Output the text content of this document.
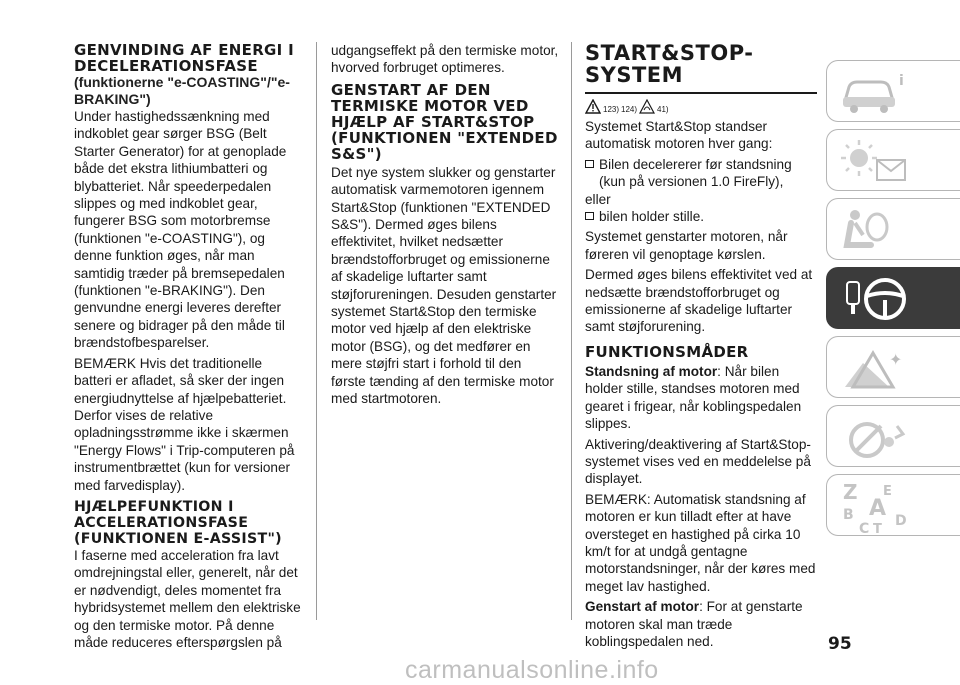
GENVINDING AF ENERGI I DECELERATIONSFASE
(funktionerne "e-COASTING"/"e-BRAKING")

Under hastighedssænkning med indkoblet gear sørger BSG (Belt Starter Generator) for at genoplade både det ekstra lithiumbatteri og blybatteriet. Når speederpedalen slippes og med indkoblet gear, fungerer BSG som motorbremse (funktionen "e-COASTING"), og denne funktion øges, når man samtidig træder på bremsepedalen (funktionen "e-BRAKING"). Den genvundne energi leveres derefter senere og bidrager på den måde til brændstofbesparelser.

BEMÆRK Hvis det traditionelle batteri er afladet, så sker der ingen energiudnyttelse af hjælpebatteriet. Derfor vises de relative opladningsstrømme ikke i skærmen "Energy Flows" i Trip-computeren på instrumentbrættet (kun for versioner med farvedisplay).

HJÆLPEFUNKTION I ACCELERATIONSFASE (FUNKTIONEN E-ASSIST")

I faserne med acceleration fra lavt omdrejningstal eller, generelt, når det er nødvendigt, deles momentet fra hybridsystemet mellem den elektriske og den termiske motor. På denne måde reduceres efterspørgslen på

udgangseffekt på den termiske motor, hvorved forbruget optimeres.

GENSTART AF DEN TERMISKE MOTOR VED HJÆLP AF START&STOP (FUNKTIONEN "EXTENDED S&S")

Det nye system slukker og genstarter automatisk varmemotoren igennem Start&Stop (funktionen "EXTENDED S&S"). Dermed øges bilens effektivitet, hvilket nedsætter brændstofforbruget og emissionerne af skadelige luftarter samt støjforureningen. Desuden genstarter systemet Start&Stop den termiske motor ved hjælp af den elektriske motor (BSG), og det medfører en mere støjfri start i forhold til den første tænding af den termiske motor med startmotoren.

START&STOP-SYSTEM
123) 124)	41)

Systemet Start&Stop standser automatisk motoren hver gang:

Bilen decelererer før standsning (kun på versionen 1.0 FireFly),
eller
bilen holder stille.

Systemet genstarter motoren, når føreren vil genoptage kørslen.

Dermed øges bilens effektivitet ved at nedsætte brændstofforbruget og emissionerne af skadelige luftarter samt støjforurening.

FUNKTIONSMÅDER

Standsning af motor: Når bilen holder stille, standses motoren med gearet i frigear, når koblingspedalen slippes.

Aktivering/deaktivering af Start&Stop-systemet vises ved en meddelelse på displayet.

BEMÆRK: Automatisk standsning af motoren er kun tilladt efter at have oversteget en hastighed på cirka 10 km/t for at undgå gentagne motorstandsninger, når der køres med meget lav hastighed.

Genstart af motor: For at genstarte motoren skal man træde koblingspedalen ned.

i
✦
Z E
B A
C T
D
95
carmanualsonline.info
